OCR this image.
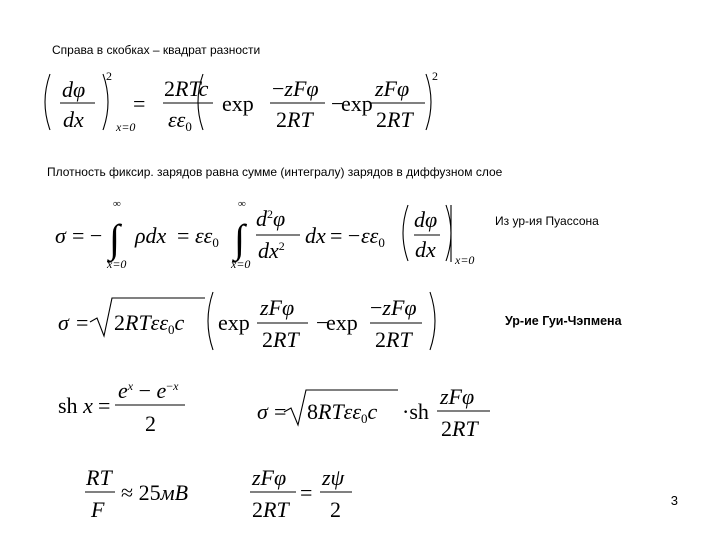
Справа в скобках – квадрат разности
Плотность фиксир. зарядов равна сумме (интегралу) зарядов в диффузном слое
Из ур-ия Пуассона
Ур-ие Гуи-Чэпмена
3
dφ
dx
2
x=0
=
2RTc
εε0
exp
−zFφ
2RT
−
exp
zFφ
2RT
2
σ = −
∞
∫
x=0
ρdx = εε0
∞
∫
x=0
$d^2\varphi$
$dx^2$ dx = − εε0
dφ
dx x=0
σ = 2RTεε0c exp
zFφ
2RT
−
exp
−zFφ
2RT
sh x =
$e^x - e^-x$
2	σ = 8RTεε0c ·sh
zFφ
2RT
RT
F
≈ 25мВ
zFφ
2RT
=
zψ
2
